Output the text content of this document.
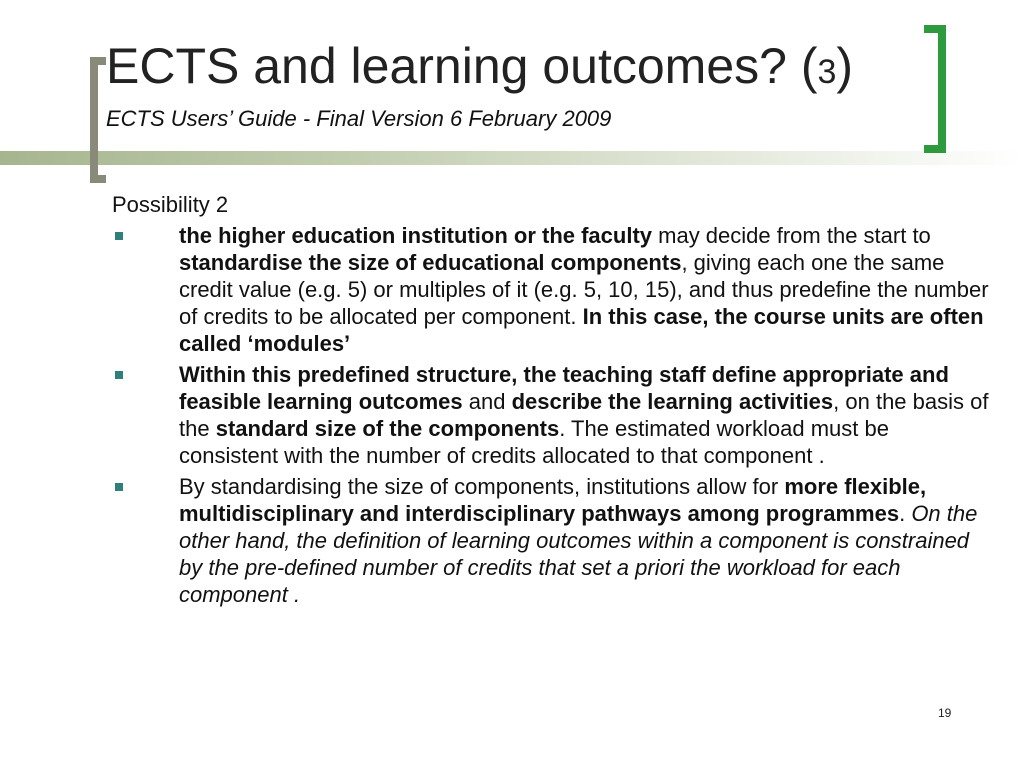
ECTS and learning outcomes? (3)
ECTS Users’ Guide - Final Version 6 February 2009

Possibility 2

the higher education institution or the faculty may decide from the start to standardise the size of educational components, giving each one the same credit value (e.g. 5) or multiples of it (e.g. 5, 10, 15), and thus predefine the number of credits to be allocated per component. In this case, the course units are often called ‘modules’
Within this predefined structure, the teaching staff define appropriate and feasible learning outcomes and describe the learning activities, on the basis of the standard size of the components. The estimated workload must be consistent with the number of credits allocated to that component .
By standardising the size of components, institutions allow for more flexible, multidisciplinary and interdisciplinary pathways among programmes. On the other hand, the definition of learning outcomes within a component is constrained by the pre-defined number of credits that set a priori the workload for each component .
19
